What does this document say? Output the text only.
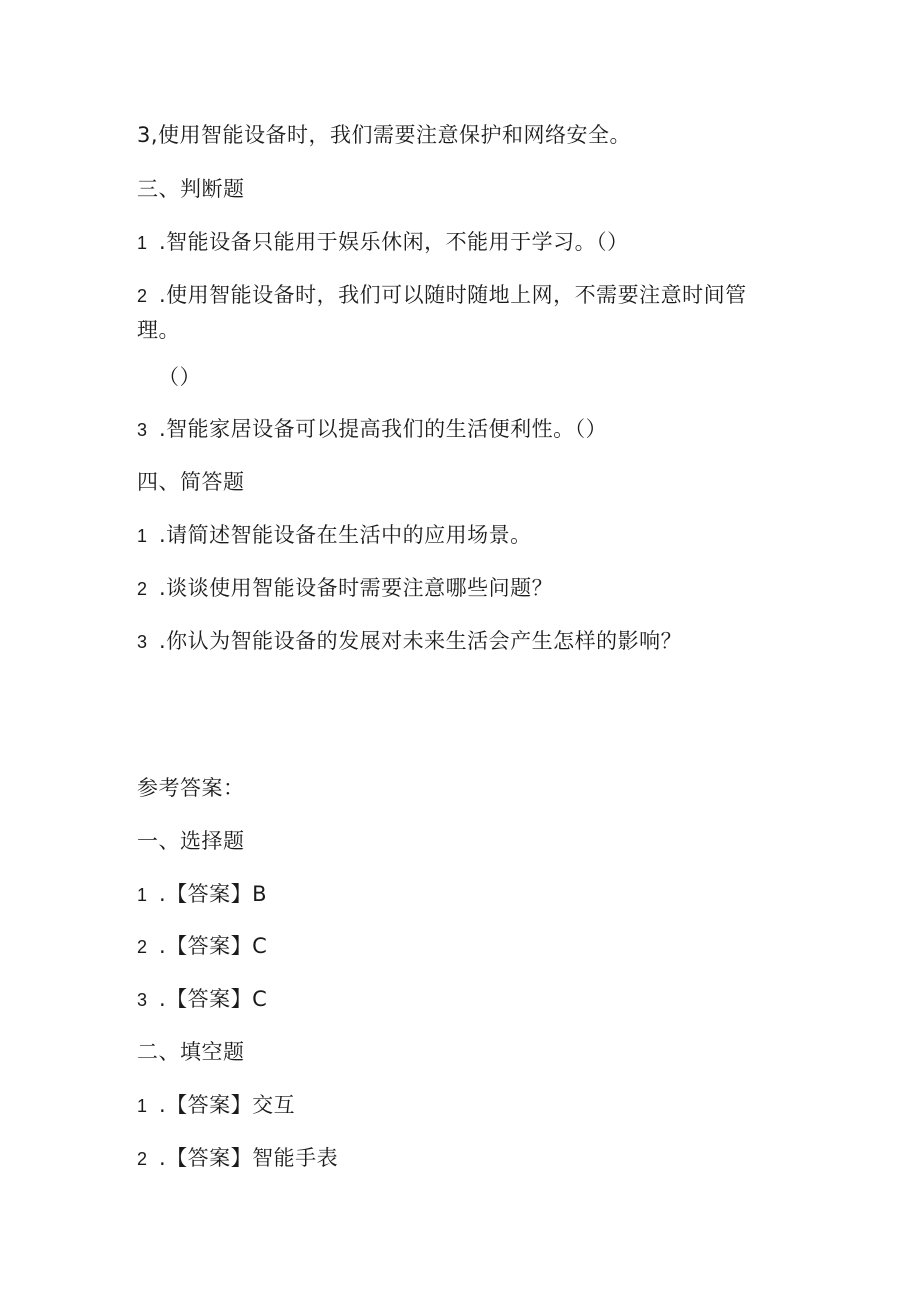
3,使用智能设备时，我们需要注意保护和网络安全。
三、判断题
1 .智能设备只能用于娱乐休闲，不能用于学习。（）
2 .使用智能设备时，我们可以随时随地上网，不需要注意时间管理。
（）
3 .智能家居设备可以提高我们的生活便利性。（）
四、简答题
1 .请简述智能设备在生活中的应用场景。
2 .谈谈使用智能设备时需要注意哪些问题？
3 .你认为智能设备的发展对未来生活会产生怎样的影响？
参考答案：
一、选择题
1 .【答案】B
2 .【答案】C
3 .【答案】C
二、填空题
1 .【答案】交互
2 .【答案】智能手表
